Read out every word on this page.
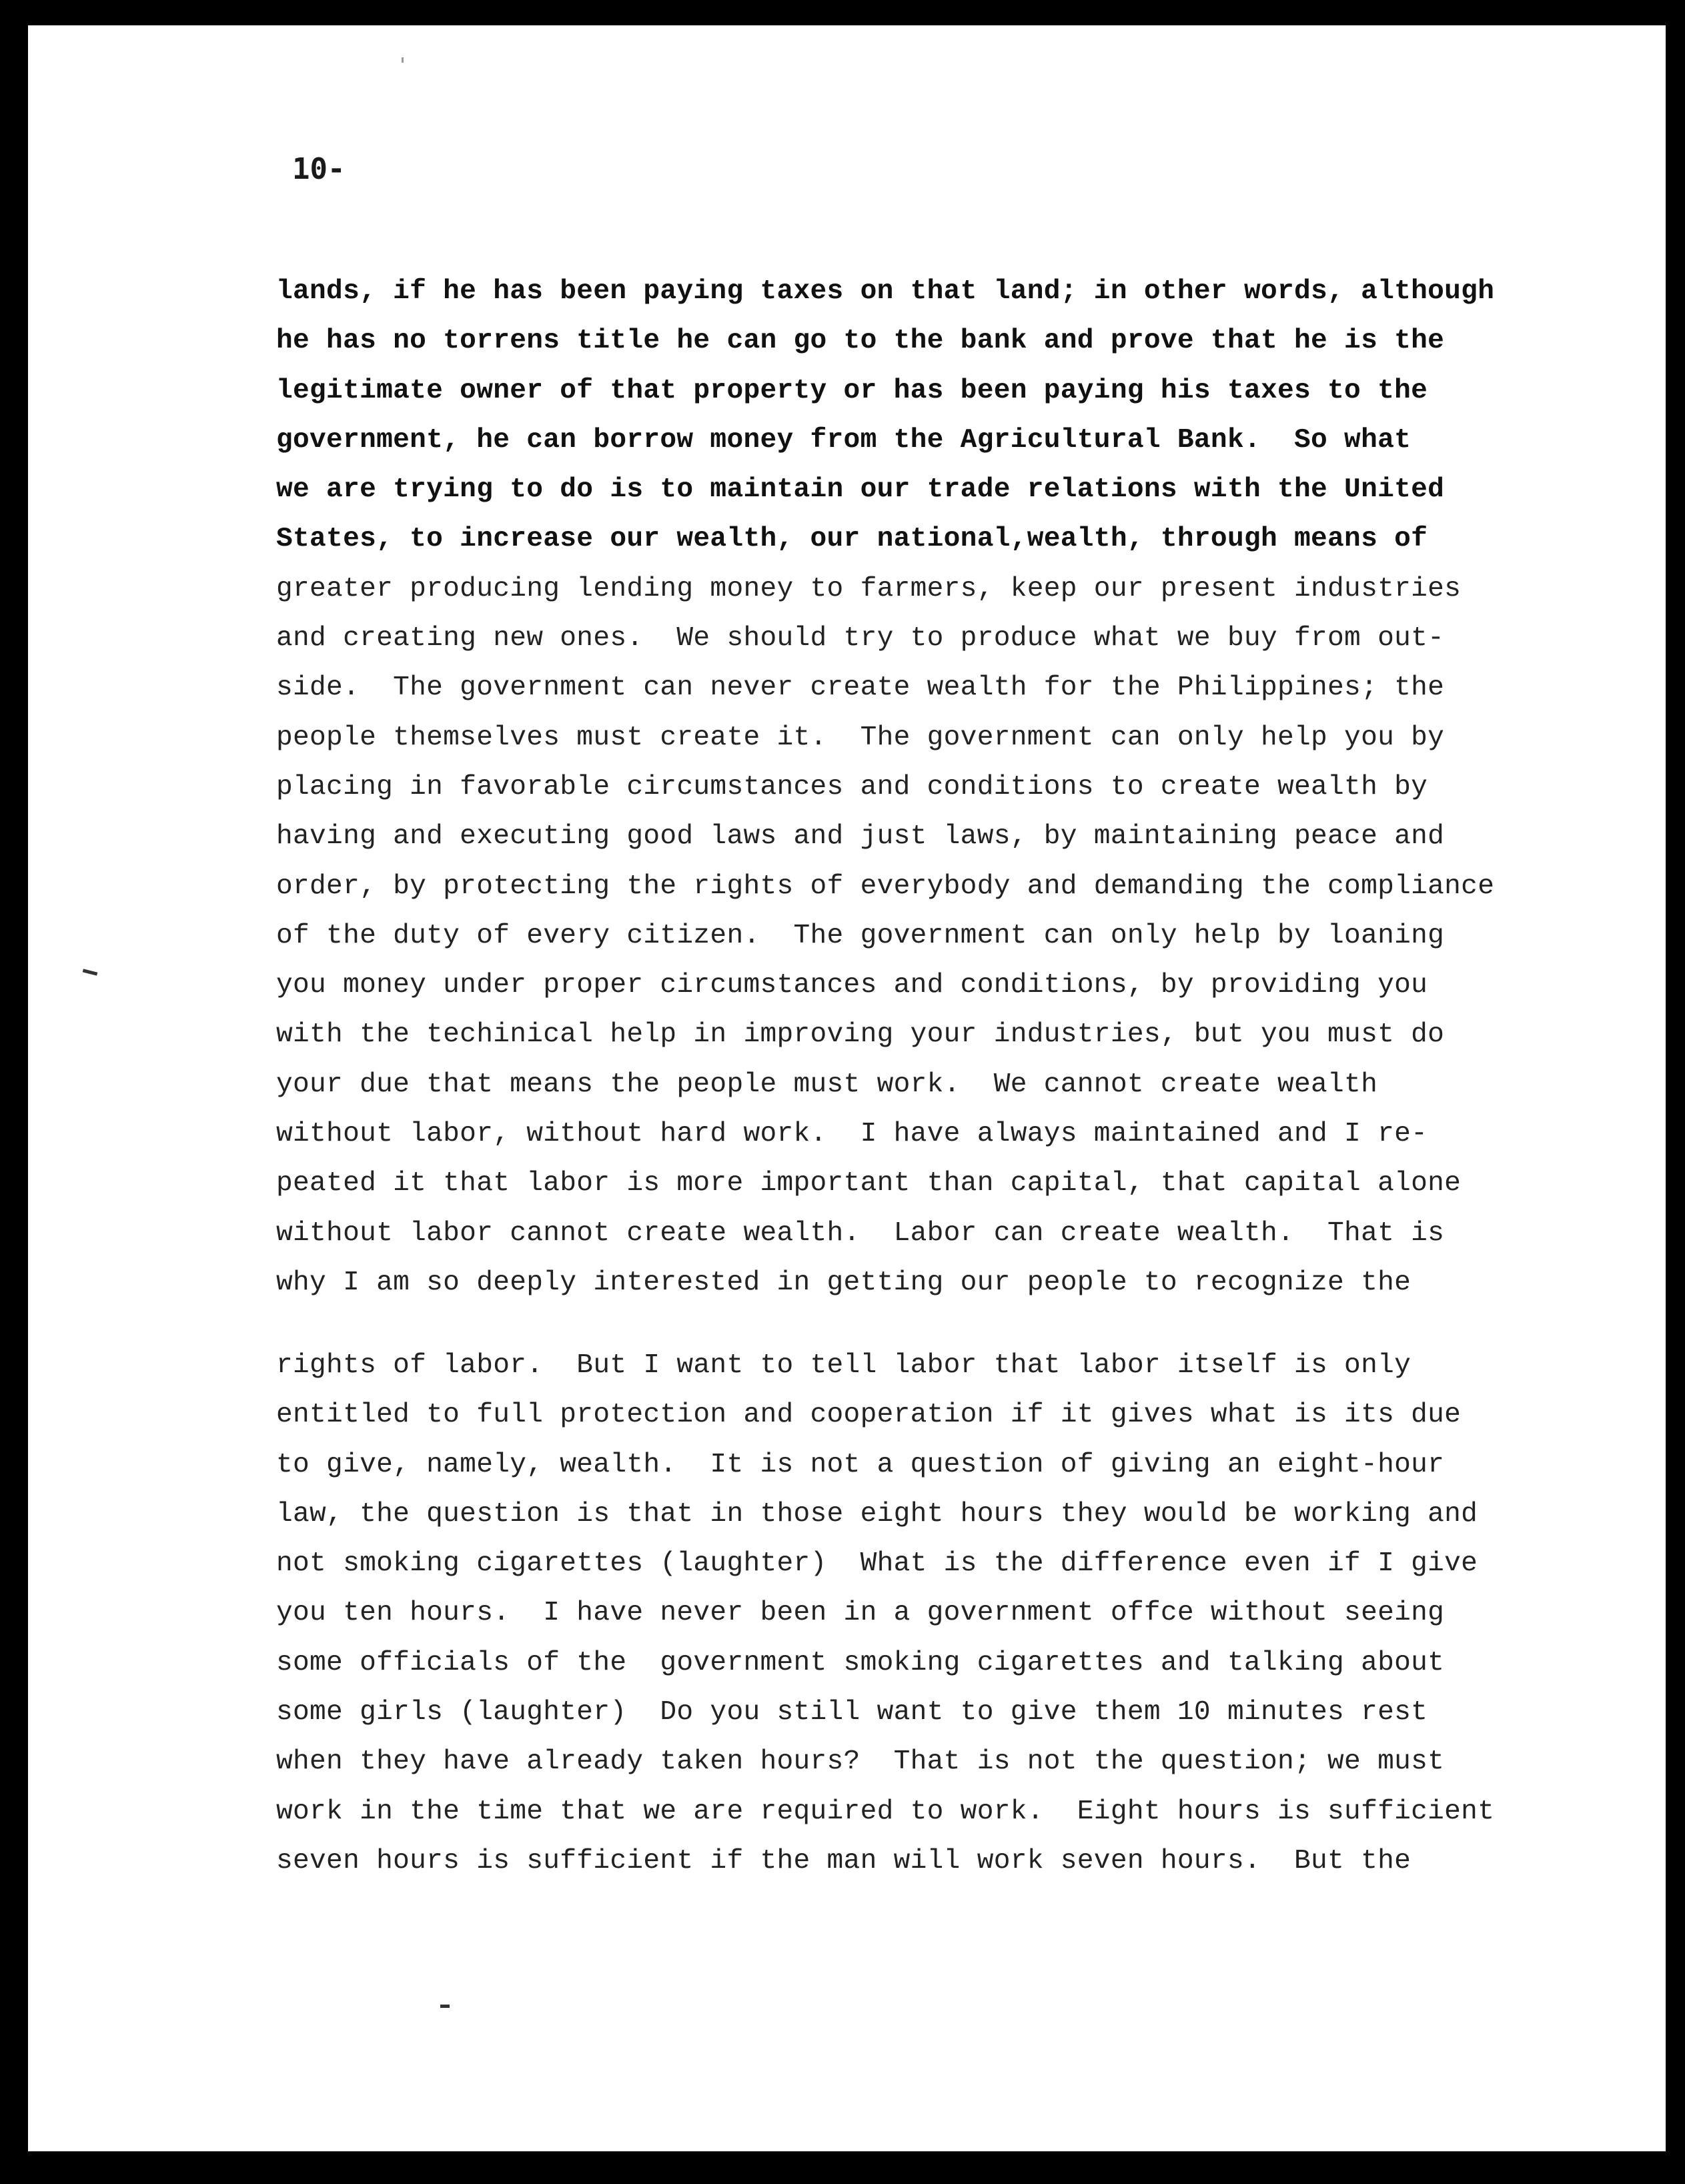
10-

lands, if he has been paying taxes on that land; in other words, although
he has no torrens title he can go to the bank and prove that he is the
legitimate owner of that property or has been paying his taxes to the
government, he can borrow money from the Agricultural Bank.  So what
we are trying to do is to maintain our trade relations with the United
States, to increase our wealth, our national,wealth, through means of
greater producing lending money to farmers, keep our present industries
and creating new ones.  We should try to produce what we buy from out-
side.  The government can never create wealth for the Philippines; the
people themselves must create it.  The government can only help you by
placing in favorable circumstances and conditions to create wealth by
having and executing good laws and just laws, by maintaining peace and
order, by protecting the rights of everybody and demanding the compliance
of the duty of every citizen.  The government can only help by loaning
you money under proper circumstances and conditions, by providing you
with the techinical help in improving your industries, but you must do
your due that means the people must work.  We cannot create wealth
without labor, without hard work.  I have always maintained and I re-
peated it that labor is more important than capital, that capital alone
without labor cannot create wealth.  Labor can create wealth.  That is
why I am so deeply interested in getting our people to recognize the
rights of labor.  But I want to tell labor that labor itself is only
entitled to full protection and cooperation if it gives what is its due
to give, namely, wealth.  It is not a question of giving an eight-hour
law, the question is that in those eight hours they would be working and
not smoking cigarettes (laughter)  What is the difference even if I give
you ten hours.  I have never been in a government offce without seeing
some officials of the  government smoking cigarettes and talking about
some girls (laughter)  Do you still want to give them 10 minutes rest
when they have already taken hours?  That is not the question; we must
work in the time that we are required to work.  Eight hours is sufficient
seven hours is sufficient if the man will work seven hours.  But the
